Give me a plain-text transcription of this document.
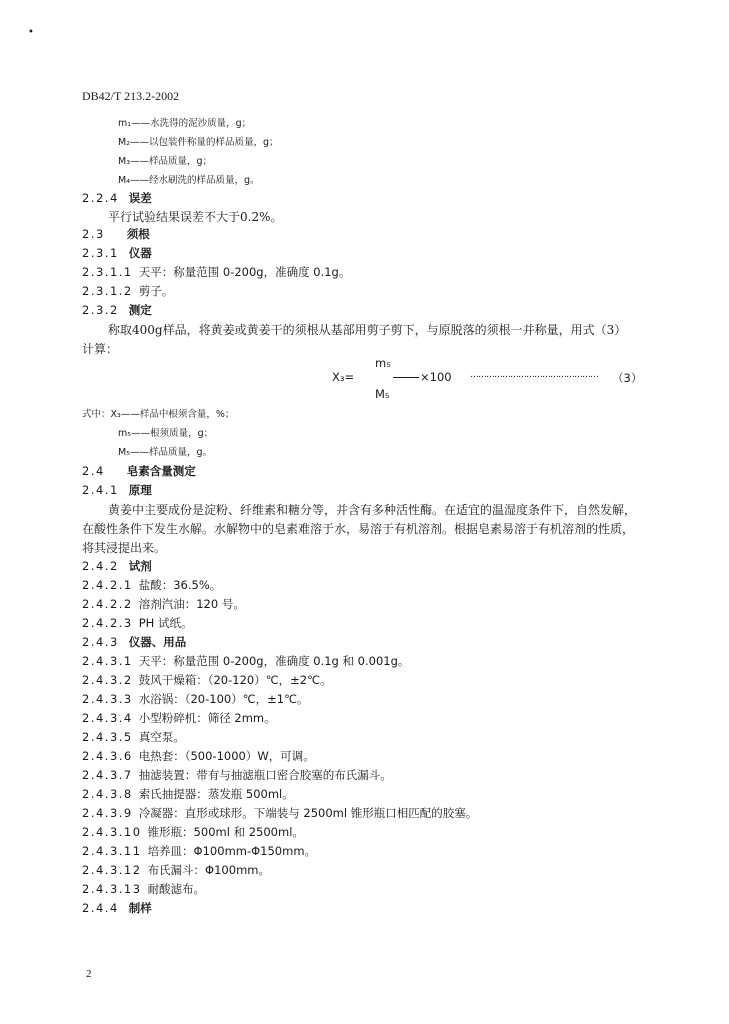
•
DB42/T 213.2-2002
m₁——水洗得的泥沙质量，g；
M₂——以包装件称量的样品质量，g；
M₃——样品质量，g；
M₄——经水刷洗的样品质量，g。
2.2.4 误差
平行试验结果误差不大于0.2%。
2.3 须根
2.3.1 仪器
2.3.1.1 天平：称量范围 0-200g，准确度 0.1g。
2.3.1.2 剪子。
2.3.2 测定
称取400g样品，将黄姜或黄姜干的须根从基部用剪子剪下，与原脱落的须根一并称量，用式（3）
计算：
m₅
X₃=	×100 ………………………………………… （3）
M₅
式中：X₃——样品中根须含量，%；
m₅——根须质量，g；
M₅——样品质量，g。
2.4 皂素含量测定
2.4.1 原理
黄姜中主要成份是淀粉、纤维素和糖分等，并含有多种活性酶。在适宜的温湿度条件下，自然发解，
在酸性条件下发生水解。水解物中的皂素难溶于水，易溶于有机溶剂。根据皂素易溶于有机溶剂的性质，
将其浸提出来。
2.4.2 试剂
2.4.2.1 盐酸：36.5%。
2.4.2.2 溶剂汽油：120 号。
2.4.2.3 PH 试纸。
2.4.3 仪器、用品
2.4.3.1 天平：称量范围 0-200g，准确度 0.1g 和 0.001g。
2.4.3.2 鼓风干燥箱：（20-120）℃，±2℃。
2.4.3.3 水浴锅：（20-100）℃，±1℃。
2.4.3.4 小型粉碎机：筛径 2mm。
2.4.3.5 真空泵。
2.4.3.6 电热套：（500-1000）W，可调。
2.4.3.7 抽滤装置：带有与抽滤瓶口密合胶塞的布氏漏斗。
2.4.3.8 索氏抽提器：蒸发瓶 500ml。
2.4.3.9 冷凝器：直形或球形。下端装与 2500ml 锥形瓶口相匹配的胶塞。
2.4.3.10 锥形瓶：500ml 和 2500ml。
2.4.3.11 培养皿：Φ100mm-Φ150mm。
2.4.3.12 布氏漏斗：Φ100mm。
2.4.3.13 耐酸滤布。
2.4.4 制样
2
